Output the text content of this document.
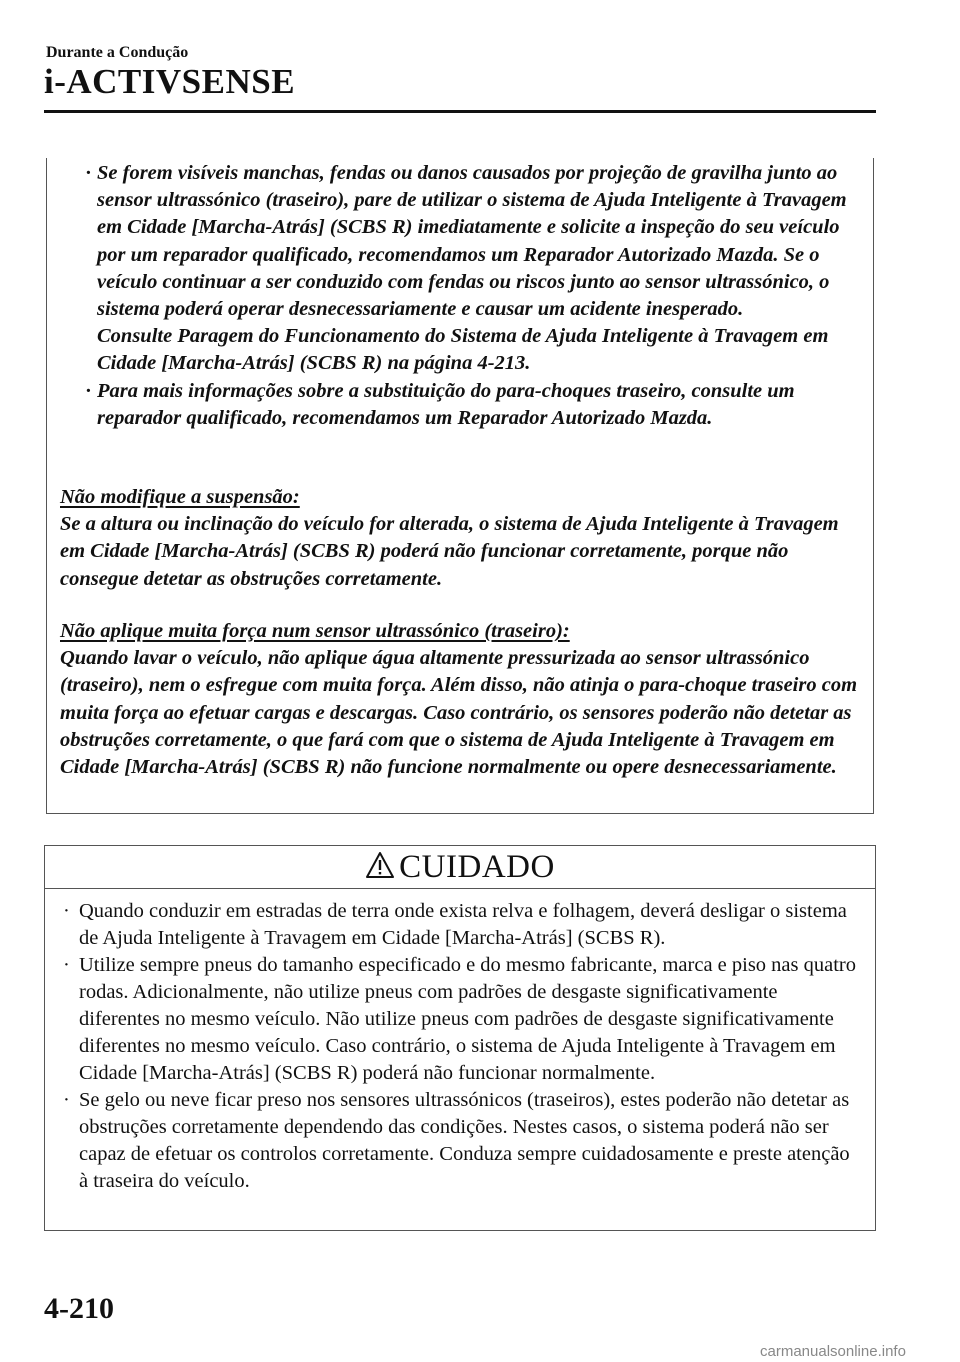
Durante a Condução
i-ACTIVSENSE
· Se forem visíveis manchas, fendas ou danos causados por projeção de gravilha junto ao sensor ultrassónico (traseiro), pare de utilizar o sistema de Ajuda Inteligente à Travagem em Cidade [Marcha-Atrás] (SCBS R) imediatamente e solicite a inspeção do seu veículo por um reparador qualificado, recomendamos um Reparador Autorizado Mazda. Se o veículo continuar a ser conduzido com fendas ou riscos junto ao sensor ultrassónico, o sistema poderá operar desnecessariamente e causar um acidente inesperado.
Consulte Paragem do Funcionamento do Sistema de Ajuda Inteligente à Travagem em Cidade [Marcha-Atrás] (SCBS R) na página 4-213.
· Para mais informações sobre a substituição do para-choques traseiro, consulte um reparador qualificado, recomendamos um Reparador Autorizado Mazda.
Não modifique a suspensão:
Se a altura ou inclinação do veículo for alterada, o sistema de Ajuda Inteligente à Travagem em Cidade [Marcha-Atrás] (SCBS R) poderá não funcionar corretamente, porque não consegue detetar as obstruções corretamente.
Não aplique muita força num sensor ultrassónico (traseiro):
Quando lavar o veículo, não aplique água altamente pressurizada ao sensor ultrassónico (traseiro), nem o esfregue com muita força. Além disso, não atinja o para-choque traseiro com muita força ao efetuar cargas e descargas. Caso contrário, os sensores poderão não detetar as obstruções corretamente, o que fará com que o sistema de Ajuda Inteligente à Travagem em Cidade [Marcha-Atrás] (SCBS R) não funcione normalmente ou opere desnecessariamente.
CUIDADO
· Quando conduzir em estradas de terra onde exista relva e folhagem, deverá desligar o sistema de Ajuda Inteligente à Travagem em Cidade [Marcha-Atrás] (SCBS R).
· Utilize sempre pneus do tamanho especificado e do mesmo fabricante, marca e piso nas quatro rodas. Adicionalmente, não utilize pneus com padrões de desgaste significativamente diferentes no mesmo veículo. Não utilize pneus com padrões de desgaste significativamente diferentes no mesmo veículo. Caso contrário, o sistema de Ajuda Inteligente à Travagem em Cidade [Marcha-Atrás] (SCBS R) poderá não funcionar normalmente.
· Se gelo ou neve ficar preso nos sensores ultrassónicos (traseiros), estes poderão não detetar as obstruções corretamente dependendo das condições. Nestes casos, o sistema poderá não ser capaz de efetuar os controlos corretamente. Conduza sempre cuidadosamente e preste atenção à traseira do veículo.
4-210
carmanualsonline.info
